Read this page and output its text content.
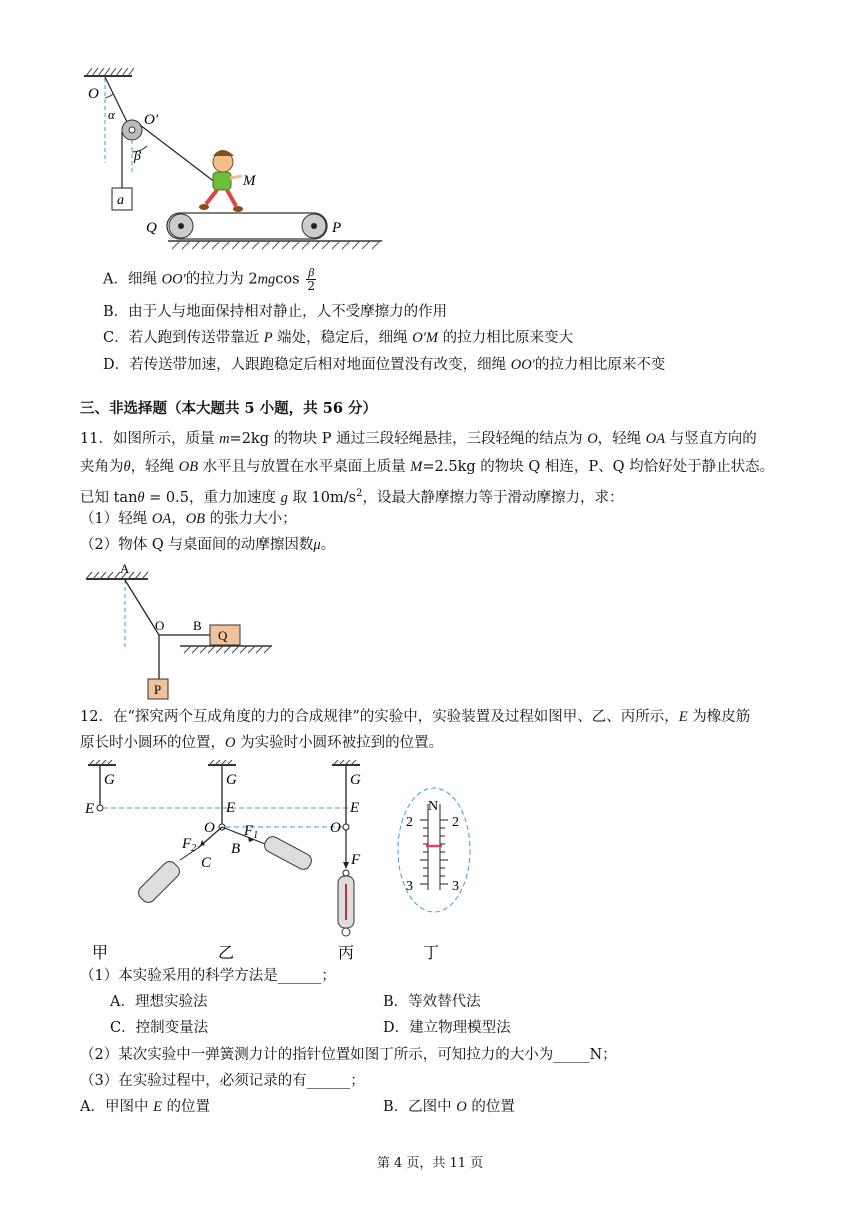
O
α O′
β
a
M
Q	P
A．细绳 OO′的拉力为 $2mgcos \frac{\beta}{2}$
B．由于人与地面保持相对静止，人不受摩擦力的作用
C．若人跑到传送带靠近 P 端处，稳定后，细绳 O′M 的拉力相比原来变大
D．若传送带加速，人跟跑稳定后相对地面位置没有改变，细绳 OO′的拉力相比原来不变
三、非选择题（本大题共 5 小题，共 56 分）
11．如图所示，质量 m=2kg 的物块 P 通过三段轻绳悬挂，三段轻绳的结点为 O，轻绳 OA 与竖直方向的
夹角为θ，轻绳 OB 水平且与放置在水平桌面上质量 M=2.5kg 的物块 Q 相连，P、Q 均恰好处于静止状态。
已知 tanθ = 0.5，重力加速度 g 取 $10m/s^2$，设最大静摩擦力等于滑动摩擦力，求：
（1）轻绳 OA，OB 的张力大小；
（2）物体 Q 与桌面间的动摩擦因数μ。
A
O B
Q
P
12．在“探究两个互成角度的力的合成规律”的实验中，实验装置及过程如图甲、乙、丙所示，E 为橡皮筋
原长时小圆环的位置，O 为实验时小圆环被拉到的位置。
G
E
G
E
O $F_1$
$F_2$ B
C
G
E
O
F
N
2	2
3	3
甲	乙	丙	丁
（1）本实验采用的科学方法是______；
A．理想实验法	B．等效替代法
C．控制变量法	D．建立物理模型法
（2）某次实验中一弹簧测力计的指针位置如图丁所示，可知拉力的大小为_____N；
（3）在实验过程中，必须记录的有______；
A．甲图中 E 的位置	B．乙图中 O 的位置
第 4 页，共 11 页
